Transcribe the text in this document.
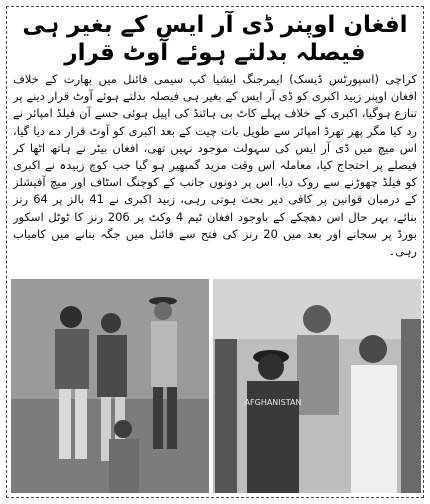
افغان اوپنر ڈی آر ایس کے بغیر ہی فیصلہ بدلتے ہوئے آوٹ قرار
کراچی (اسپورٹس ڈیسک) ایمرجنگ ایشیا کپ سیمی فائنل میں بھارت کے خلاف افغان اوپنر زبید اکبری کو ڈی آر ایس کے بغیر ہی فیصلہ بدلتے ہوئے آوٹ قرار دینے پر تنازع ہوگیا، اکبری کے خلاف پہلے کاٹ بی ہائنڈ کی اپیل ہوئی جسے آن فیلڈ امپائر نے رد کیا مگر پھر تھرڈ امپائر سے طویل بات چیت کے بعد اکبری کو آوٹ قرار دے دیا گیا، اس میچ میں ڈی آر ایس کی سہولت موجود نہیں تھی، افغان بیٹر نے ہاتھ اٹھا کر فیصلے پر احتجاج کیا، معاملہ اس وقت مزید گمبھیر ہو گیا جب کوچ زبیدہ نے اکبری کو فیلڈ چھوڑنے سے روک دیا، اس پر دونوں جانب کے کوچنگ اسٹاف اور میچ آفیشلز کے درمیان قوانین پر کافی دیر بحث ہوتی رہی، زبید اکبری نے 41 بالز پر 64 رنز بنائے، بہر حال اس دھچکے کے باوجود افغان ٹیم 4 وکٹ پر 206 رنز کا ٹوٹل اسکور بورڈ پر سجانے اور بعد میں 20 رنز کی فتح سے فائنل میں جگہ بنانے میں کامیاب رہی۔
AFGHANISTAN
